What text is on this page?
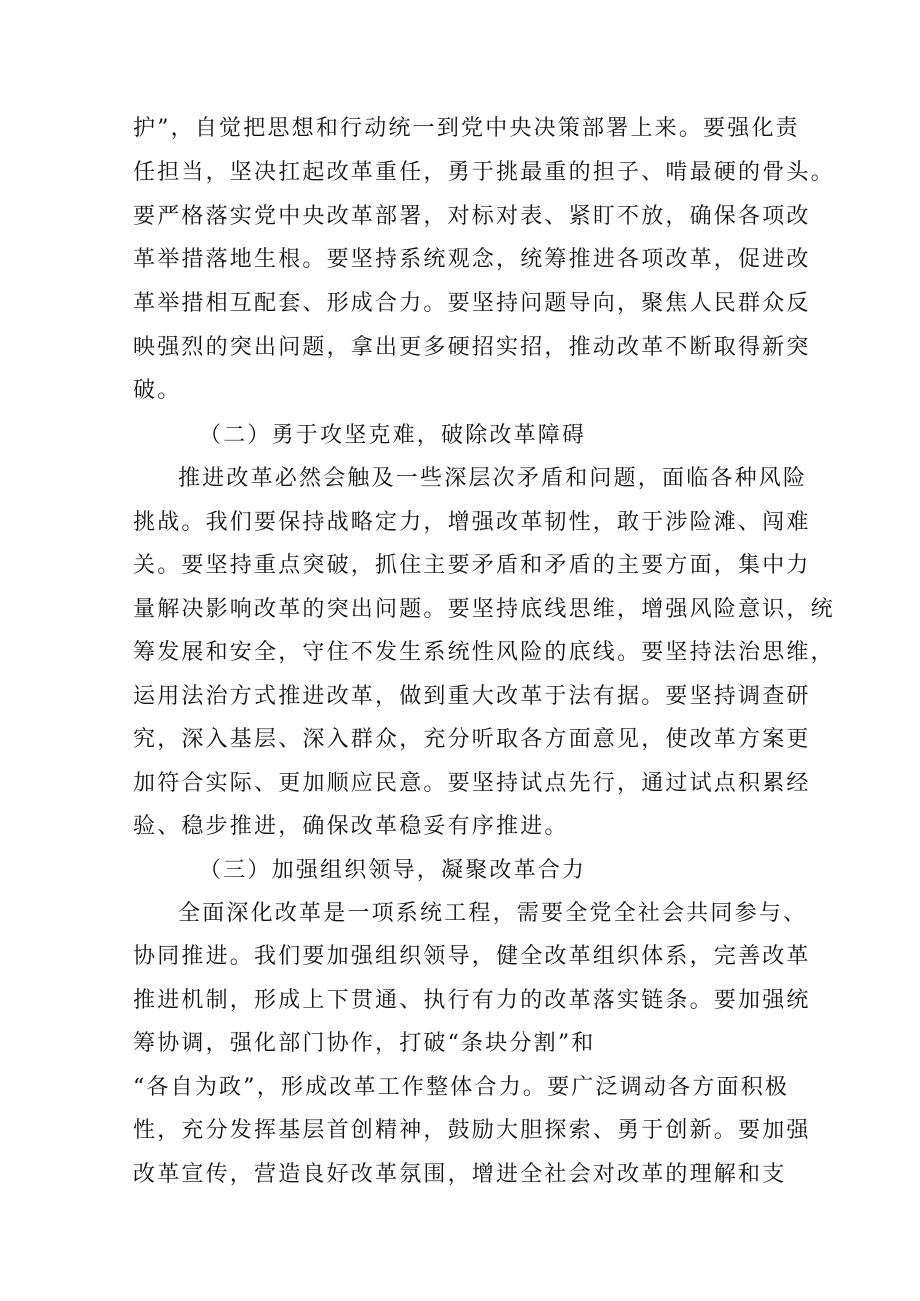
护”，自觉把思想和行动统一到党中央决策部署上来。要强化责
任担当，坚决扛起改革重任，勇于挑最重的担子、啃最硬的骨头。
要严格落实党中央改革部署，对标对表、紧盯不放，确保各项改
革举措落地生根。要坚持系统观念，统筹推进各项改革，促进改
革举措相互配套、形成合力。要坚持问题导向，聚焦人民群众反
映强烈的突出问题，拿出更多硬招实招，推动改革不断取得新突
破。
（二）勇于攻坚克难，破除改革障碍
推进改革必然会触及一些深层次矛盾和问题，面临各种风险
挑战。我们要保持战略定力，增强改革韧性，敢于涉险滩、闯难
关。要坚持重点突破，抓住主要矛盾和矛盾的主要方面，集中力
量解决影响改革的突出问题。要坚持底线思维，增强风险意识，统
筹发展和安全，守住不发生系统性风险的底线。要坚持法治思维，
运用法治方式推进改革，做到重大改革于法有据。要坚持调查研
究，深入基层、深入群众，充分听取各方面意见，使改革方案更
加符合实际、更加顺应民意。要坚持试点先行，通过试点积累经
验、稳步推进，确保改革稳妥有序推进。
（三）加强组织领导，凝聚改革合力
全面深化改革是一项系统工程，需要全党全社会共同参与、
协同推进。我们要加强组织领导，健全改革组织体系，完善改革
推进机制，形成上下贯通、执行有力的改革落实链条。要加强统
筹协调，强化部门协作，打破“条块分割”和
“各自为政”，形成改革工作整体合力。要广泛调动各方面积极
性，充分发挥基层首创精神，鼓励大胆探索、勇于创新。要加强
改革宣传，营造良好改革氛围，增进全社会对改革的理解和支
